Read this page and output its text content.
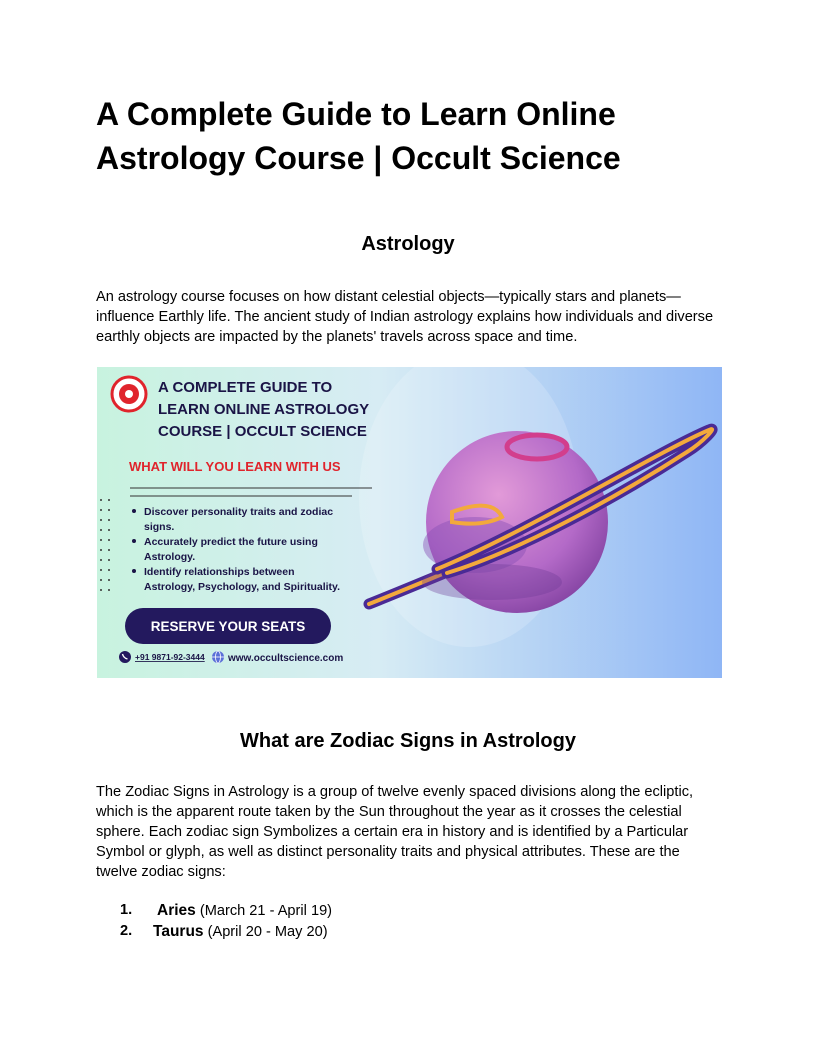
A Complete Guide to Learn Online Astrology Course | Occult Science
Astrology

An astrology course focuses on how distant celestial objects—typically stars and planets—influence Earthly life. The ancient study of Indian astrology explains how individuals and diverse earthly objects are impacted by the planets' travels across space and time.

A COMPLETE GUIDE TO
LEARN ONLINE ASTROLOGY
COURSE | OCCULT SCIENCE
WHAT WILL YOU LEARN WITH US
Discover personality traits and zodiac
signs.
Accurately predict the future using
Astrology.
Identify relationships between
Astrology, Psychology, and Spirituality.
RESERVE YOUR SEATS
+91 9871-92-3444 www.occultscience.com
What are Zodiac Signs in Astrology

The Zodiac Signs in Astrology is a group of twelve evenly spaced divisions along the ecliptic, which is the apparent route taken by the Sun throughout the year as it crosses the celestial sphere. Each zodiac sign Symbolizes a certain era in history and is identified by a Particular Symbol or glyph, as well as distinct personality traits and physical attributes. These are the twelve zodiac signs:

1. Aries (March 21 - April 19)
2. Taurus (April 20 - May 20)
